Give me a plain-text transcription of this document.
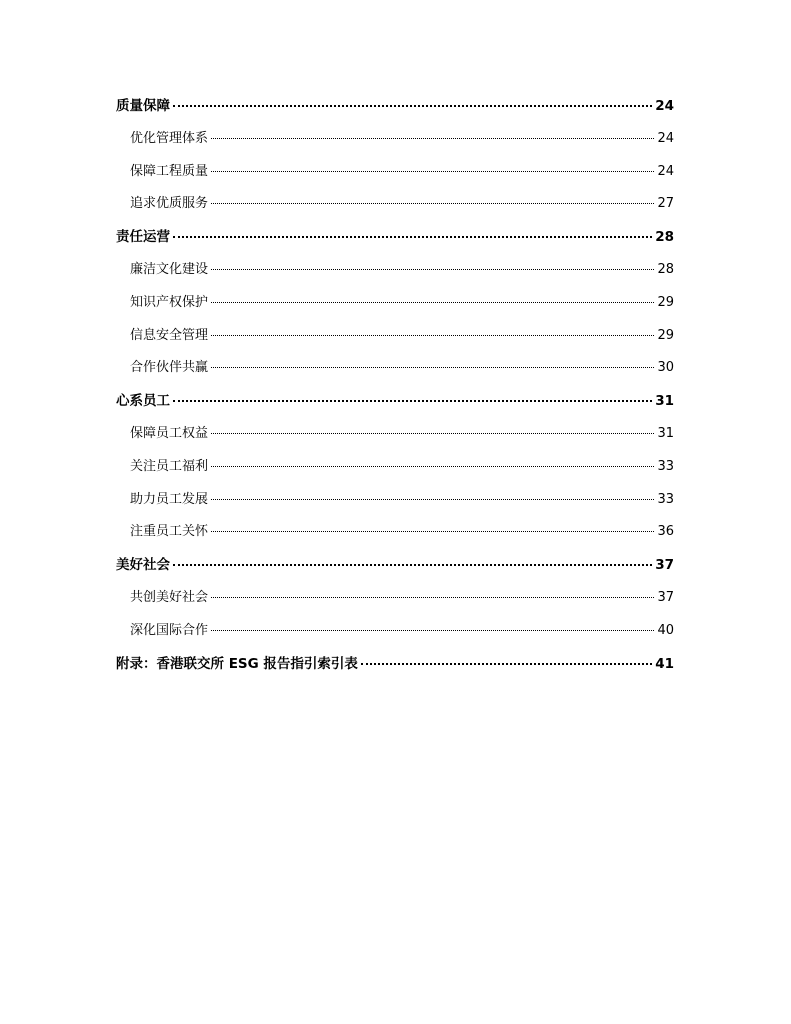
质量保障	24
优化管理体系	24
保障工程质量	24
追求优质服务	27
责任运营	28
廉洁文化建设	28
知识产权保护	29
信息安全管理	29
合作伙伴共赢	30
心系员工	31
保障员工权益	31
关注员工福利	33
助力员工发展	33
注重员工关怀	36
美好社会	37
共创美好社会	37
深化国际合作	40
附录：香港联交所 ESG 报告指引索引表	41
